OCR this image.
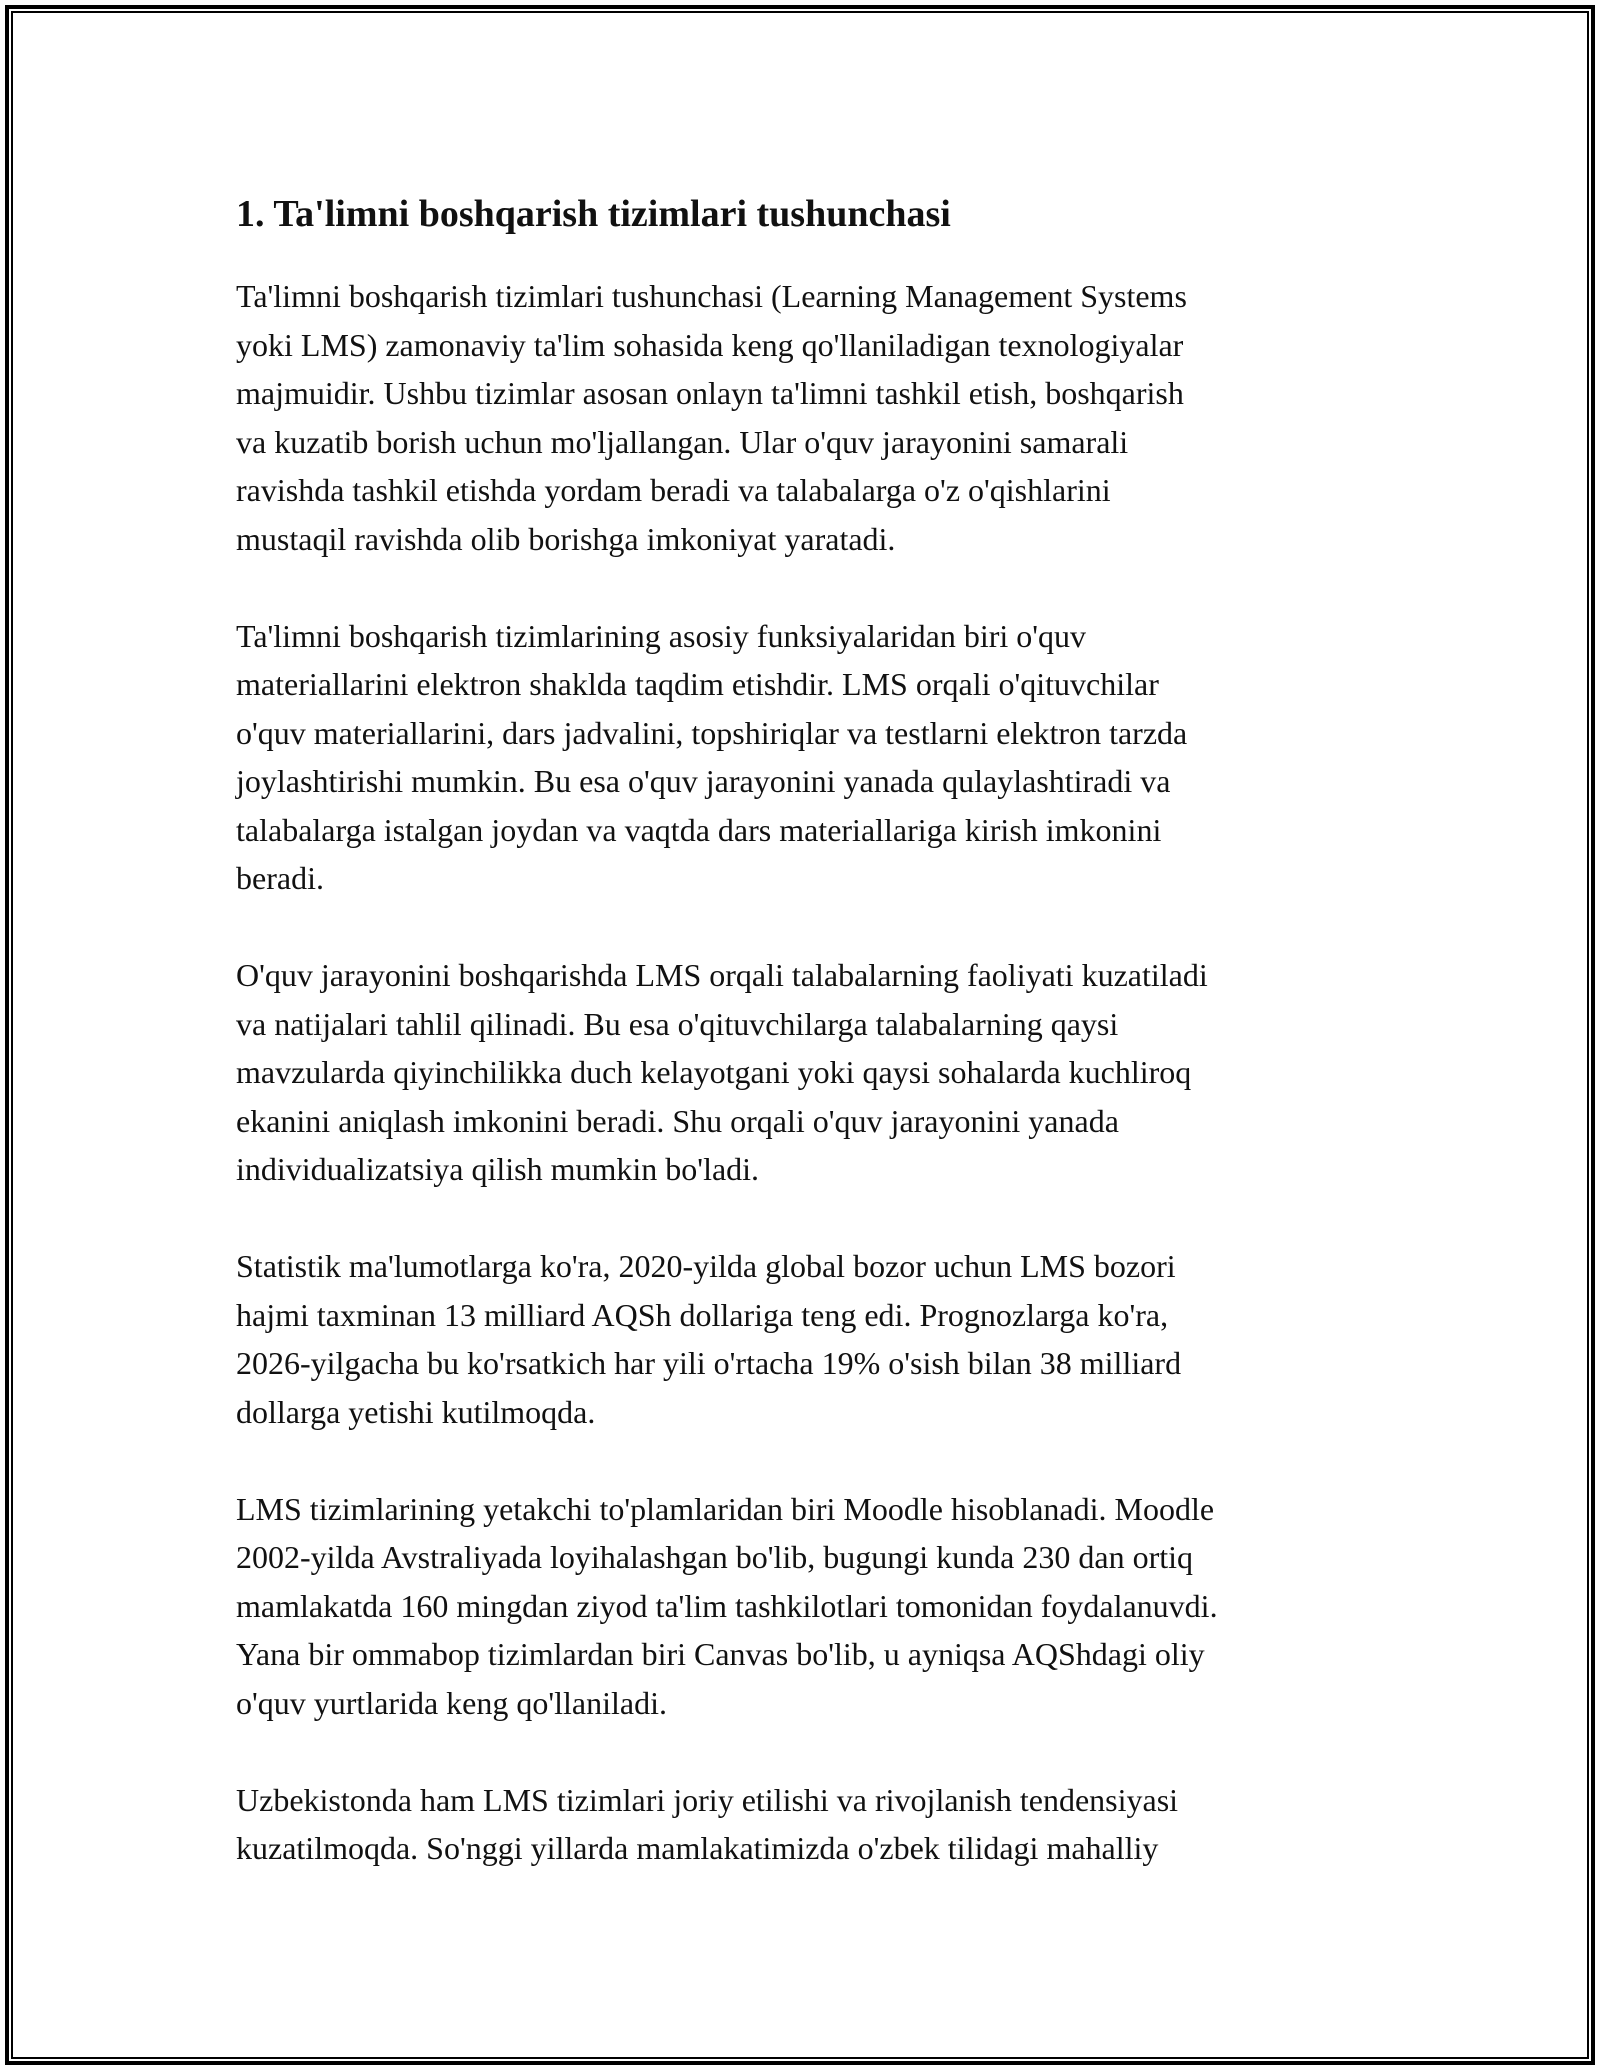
1. Ta'limni boshqarish tizimlari tushunchasi

Ta'limni boshqarish tizimlari tushunchasi (Learning Management Systems
yoki LMS) zamonaviy ta'lim sohasida keng qo'llaniladigan texnologiyalar
majmuidir. Ushbu tizimlar asosan onlayn ta'limni tashkil etish, boshqarish
va kuzatib borish uchun mo'ljallangan. Ular o'quv jarayonini samarali
ravishda tashkil etishda yordam beradi va talabalarga o'z o'qishlarini
mustaqil ravishda olib borishga imkoniyat yaratadi.

Ta'limni boshqarish tizimlarining asosiy funksiyalaridan biri o'quv
materiallarini elektron shaklda taqdim etishdir. LMS orqali o'qituvchilar
o'quv materiallarini, dars jadvalini, topshiriqlar va testlarni elektron tarzda
joylashtirishi mumkin. Bu esa o'quv jarayonini yanada qulaylashtiradi va
talabalarga istalgan joydan va vaqtda dars materiallariga kirish imkonini
beradi.

O'quv jarayonini boshqarishda LMS orqali talabalarning faoliyati kuzatiladi
va natijalari tahlil qilinadi. Bu esa o'qituvchilarga talabalarning qaysi
mavzularda qiyinchilikka duch kelayotgani yoki qaysi sohalarda kuchliroq
ekanini aniqlash imkonini beradi. Shu orqali o'quv jarayonini yanada
individualizatsiya qilish mumkin bo'ladi.

Statistik ma'lumotlarga ko'ra, 2020-yilda global bozor uchun LMS bozori
hajmi taxminan 13 milliard AQSh dollariga teng edi. Prognozlarga ko'ra,
2026-yilgacha bu ko'rsatkich har yili o'rtacha 19% o'sish bilan 38 milliard
dollarga yetishi kutilmoqda.

LMS tizimlarining yetakchi to'plamlaridan biri Moodle hisoblanadi. Moodle
2002-yilda Avstraliyada loyihalashgan bo'lib, bugungi kunda 230 dan ortiq
mamlakatda 160 mingdan ziyod ta'lim tashkilotlari tomonidan foydalanuvdi.
Yana bir ommabop tizimlardan biri Canvas bo'lib, u ayniqsa AQShdagi oliy
o'quv yurtlarida keng qo'llaniladi.

Uzbekistonda ham LMS tizimlari joriy etilishi va rivojlanish tendensiyasi
kuzatilmoqda. So'nggi yillarda mamlakatimizda o'zbek tilidagi mahalliy
